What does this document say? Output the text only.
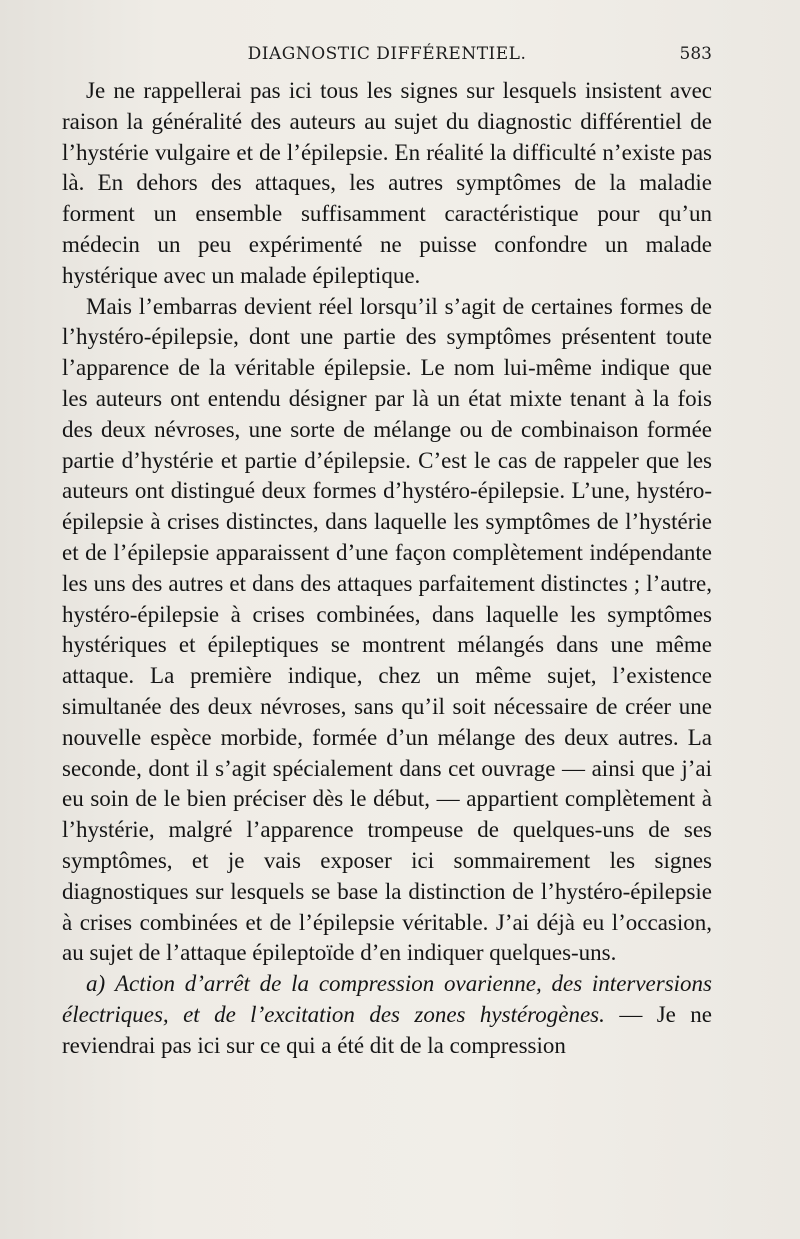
DIAGNOSTIC DIFFÉRENTIEL.	583

Je ne rappellerai pas ici tous les signes sur lesquels insistent avec raison la généralité des auteurs au sujet du diagnostic différentiel de l’hystérie vulgaire et de l’épilepsie. En réalité la difficulté n’existe pas là. En dehors des attaques, les autres symptômes de la maladie forment un ensemble suffisamment caractéristique pour qu’un médecin un peu expérimenté ne puisse confondre un malade hystérique avec un malade épileptique.

Mais l’embarras devient réel lorsqu’il s’agit de certaines formes de l’hystéro-épilepsie, dont une partie des symptômes présentent toute l’apparence de la véritable épilepsie. Le nom lui-même indique que les auteurs ont entendu désigner par là un état mixte tenant à la fois des deux névroses, une sorte de mélange ou de combinaison formée partie d’hystérie et partie d’épilepsie. C’est le cas de rappeler que les auteurs ont distingué deux formes d’hystéro-épilepsie. L’une, hystéro-épilepsie à crises distinctes, dans laquelle les symptômes de l’hystérie et de l’épilepsie apparaissent d’une façon complètement indépendante les uns des autres et dans des attaques parfaitement distinctes ; l’autre, hystéro-épilepsie à crises combinées, dans laquelle les symptômes hystériques et épileptiques se montrent mélangés dans une même attaque. La première indique, chez un même sujet, l’existence simultanée des deux névroses, sans qu’il soit nécessaire de créer une nouvelle espèce morbide, formée d’un mélange des deux autres. La seconde, dont il s’agit spécialement dans cet ouvrage — ainsi que j’ai eu soin de le bien préciser dès le début, — appartient complètement à l’hystérie, malgré l’apparence trompeuse de quelques-uns de ses symptômes, et je vais exposer ici sommairement les signes diagnostiques sur lesquels se base la distinction de l’hystéro-épilepsie à crises combinées et de l’épilepsie véritable. J’ai déjà eu l’occasion, au sujet de l’attaque épileptoïde d’en indiquer quelques-uns.

a) Action d’arrêt de la compression ovarienne, des interversions électriques, et de l’excitation des zones hystérogènes. — Je ne reviendrai pas ici sur ce qui a été dit de la compression
